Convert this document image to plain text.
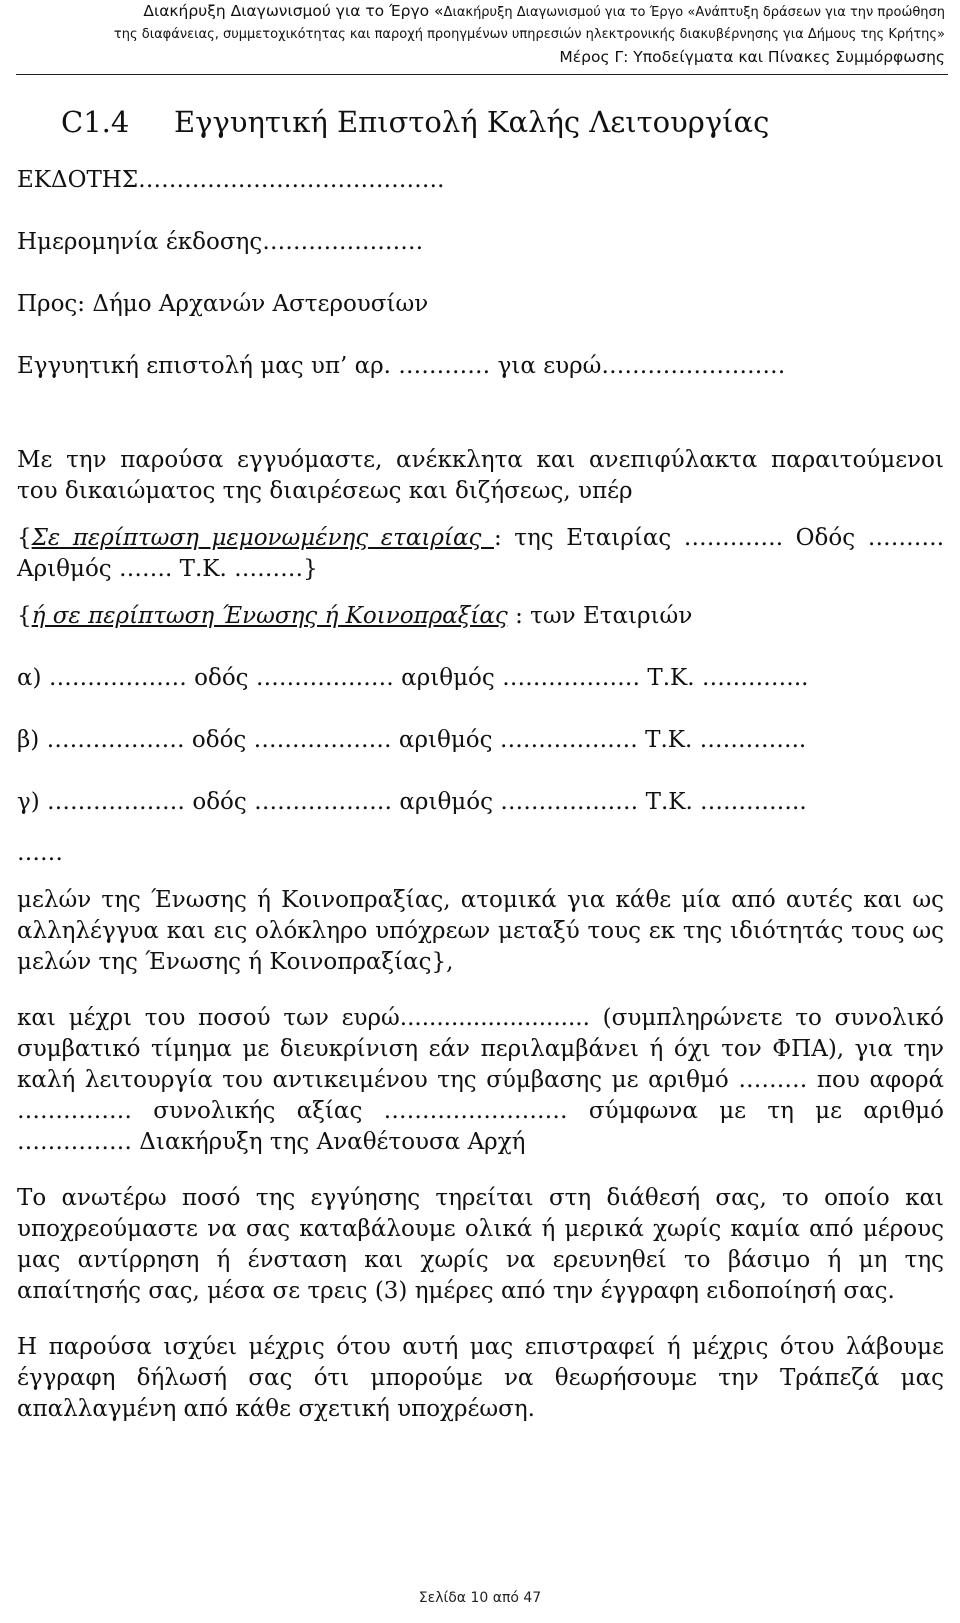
Διακήρυξη Διαγωνισμού για το Έργο «Διακήρυξη Διαγωνισμού για το Έργο «Ανάπτυξη δράσεων για την προώθηση
της διαφάνειας, συμμετοχικότητας και παροχή προηγμένων υπηρεσιών ηλεκτρονικής διακυβέρνησης για Δήμους της Κρήτης»
Μέρος Γ: Υποδείγματα και Πίνακες Συμμόρφωσης
C1.4 Εγγυητική Επιστολή Καλής Λειτουργίας
ΕΚΔΟΤΗΣ………………………………….
Ημερομηνία έκδοσης…………………
Προς: Δήμο Αρχανών Αστερουσίων
Εγγυητική επιστολή μας υπ’ αρ. ………… για ευρώ……………………
Με την παρούσα εγγυόμαστε, ανέκκλητα και ανεπιφύλακτα παραιτούμενοι του δικαιώματος της διαιρέσεως και διζήσεως, υπέρ
{Σε περίπτωση μεμονωμένης εταιρίας : της Εταιρίας …………. Οδός ………. Αριθμός ……. Τ.Κ. ………}
{ή σε περίπτωση Ένωσης ή Κοινοπραξίας : των Εταιριών
α) ……………… οδός ……………… αριθμός ……………… Τ.Κ. …………..
β) ……………… οδός ……………… αριθμός ……………… Τ.Κ. …………..
γ) ……………… οδός ……………… αριθμός ……………… Τ.Κ. …………..
……
μελών της Ένωσης ή Κοινοπραξίας, ατομικά για κάθε μία από αυτές και ως αλληλέγγυα και εις ολόκληρο υπόχρεων μεταξύ τους εκ της ιδιότητάς τους ως μελών της Ένωσης ή Κοινοπραξίας},
και μέχρι του ποσού των ευρώ.......................... (συμπληρώνετε το συνολικό συμβατικό τίμημα με διευκρίνιση εάν περιλαμβάνει ή όχι τον ΦΠΑ), για την καλή λειτουργία του αντικειμένου της σύμβασης με αριθμό ……… που αφορά …………… συνολικής αξίας …………………… σύμφωνα με τη με αριθμό …………… Διακήρυξη της Αναθέτουσα Αρχή
Το ανωτέρω ποσό της εγγύησης τηρείται στη διάθεσή σας, το οποίο και υποχρεούμαστε να σας καταβάλουμε ολικά ή μερικά χωρίς καμία από μέρους μας αντίρρηση ή ένσταση και χωρίς να ερευνηθεί το βάσιμο ή μη της απαίτησής σας, μέσα σε τρεις (3) ημέρες από την έγγραφη ειδοποίησή σας.
Η παρούσα ισχύει μέχρις ότου αυτή μας επιστραφεί ή μέχρις ότου λάβουμε έγγραφη δήλωσή σας ότι μπορούμε να θεωρήσουμε την Τράπεζά μας απαλλαγμένη από κάθε σχετική υποχρέωση.
Σελίδα 10 από 47
